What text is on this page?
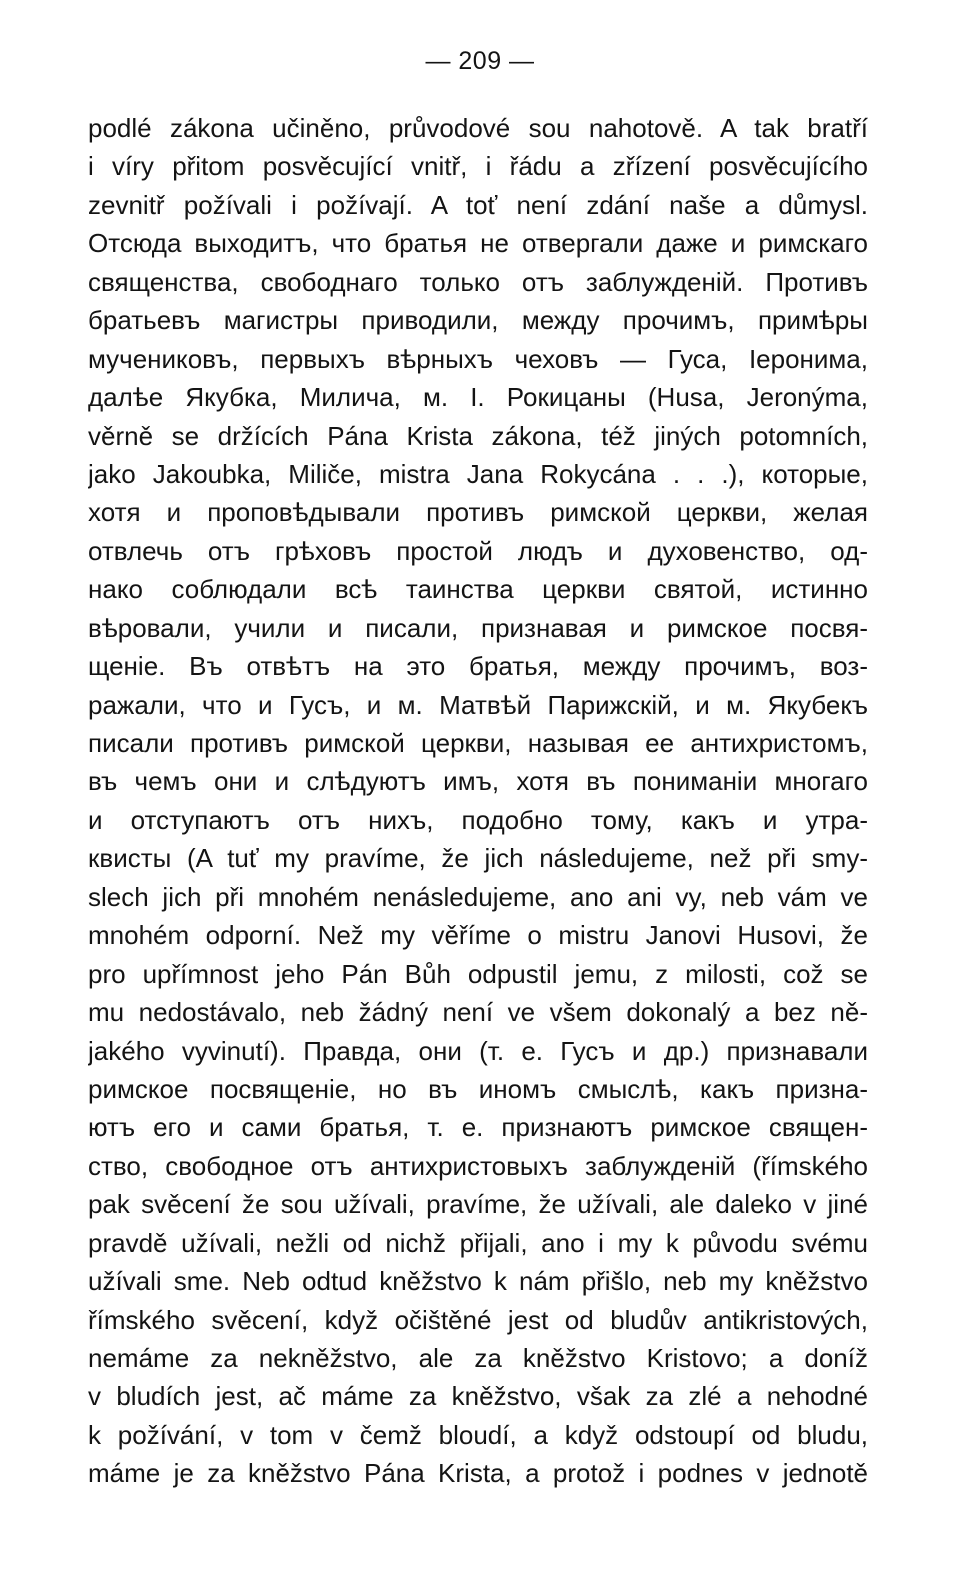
— 209 —
podlé zákona učiněno, průvodové sou nahotově. A tak bratří
i víry přitom posvěcující vnitř, i řádu a zřízení posvěcujícího
zevnitř požívali i požívají. A toť není zdání naše a důmysl.
Отсюда выходитъ, что братья не отвергали даже и римскаго
священства, свободнаго только отъ заблужденій. Противъ
братьевъ магистры приводили, между прочимъ, примѣры
мучениковъ, первыхъ вѣрныхъ чеховъ — Гуса, Іеронима,
далѣе Якубка, Милича, м. І. Рокицаны (Husa, Jeronýma,
věrně se držících Pána Krista zákona, též jiných potomních,
jako Jakoubka, Miliče, mistra Jana Rokycána . . .), которые,
хотя и проповѣдывали противъ римской церкви, желая
отвлечь отъ грѣховъ простой людъ и духовенство, од-
нако соблюдали всѣ таинства церкви святой, истинно
вѣровали, учили и писали, признавая и римское посвя-
щеніе. Въ отвѣтъ на это братья, между прочимъ, воз-
ражали, что и Гусъ, и м. Матвѣй Парижскій, и м. Якубекъ
писали противъ римской церкви, называя ее антихристомъ,
въ чемъ они и слѣдуютъ имъ, хотя въ пониманіи многаго
и отступаютъ отъ нихъ, подобно тому, какъ и утра-
квисты (A tuť my pravíme, že jich následujeme, než při smy-
slech jich při mnohém nenásledujeme, ano ani vy, neb vám ve
mnohém odporní. Než my věříme o mistru Janovi Husovi, že
pro upřímnost jeho Pán Bůh odpustil jemu, z milosti, což se
mu nedostávalo, neb žádný není ve všem dokonalý a bez ně-
jakého vyvinutí). Правда, они (т. е. Гусъ и др.) признавали
римское посвященіе, но въ иномъ смыслѣ, какъ призна-
ютъ его и сами братья, т. е. признаютъ римское священ-
ство, свободное отъ антихристовыхъ заблужденій (římského
pak svěcení že sou užívali, pravíme, že užívali, ale daleko v jiné
pravdě užívali, nežli od nichž přijali, ano i my k původu svému
užívali sme. Neb odtud kněžstvo k nám přišlo, neb my kněžstvo
římského svěcení, když očištěné jest od bludův antikristových,
nemáme za nekněžstvo, ale za kněžstvo Kristovo; a doníž
v bludích jest, ač máme za kněžstvo, však za zlé a nehodné
k požívání, v tom v čemž bloudí, a když odstoupí od bludu,
máme je za kněžstvo Pána Krista, a protož i podnes v jednotě
